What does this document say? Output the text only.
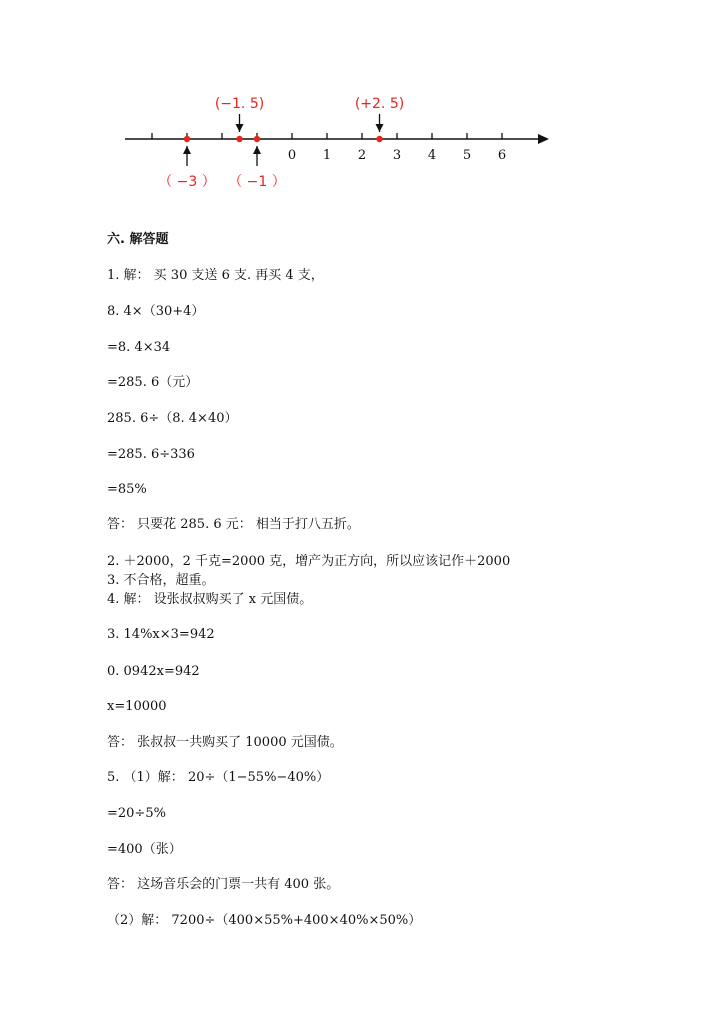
0 1 2 3 4 5 6
（ −3 ）
(−1. 5)
（ −1 ）
(+2. 5)
六. 解答题
1. 解： 买 30 支送 6 支. 再买 4 支，
8. 4×（30+4）
=8. 4×34
=285. 6（元）
285. 6÷（8. 4×40）
=285. 6÷336
=85%
答： 只要花 285. 6 元： 相当于打八五折。
2. ＋2000，2 千克=2000 克，增产为正方向，所以应该记作＋2000
3. 不合格，超重。
4. 解： 设张叔叔购买了 x 元国债。
3. 14%x×3=942
0. 0942x=942
x=10000
答： 张叔叔一共购买了 10000 元国债。
5. （1）解： 20÷（1−55%−40%）
=20÷5%
=400（张）
答： 这场音乐会的门票一共有 400 张。
（2）解： 7200÷（400×55%+400×40%×50%）
